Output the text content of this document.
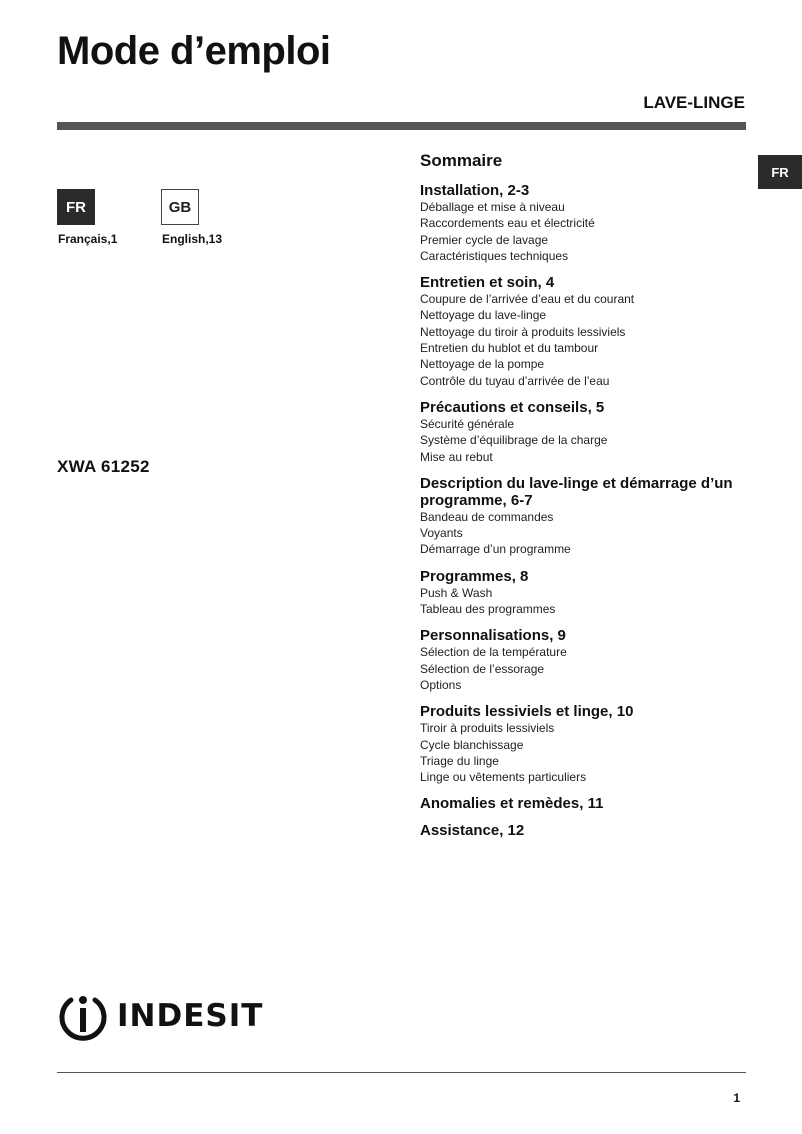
Mode d’emploi
LAVE-LINGE
FR
FR
Français,1
GB
English,13
XWA 61252
Sommaire
Installation, 2-3
Déballage et mise à niveau
Raccordements eau et électricité
Premier cycle de lavage
Caractéristiques techniques
Entretien et soin, 4
Coupure de l’arrivée d’eau et du courant
Nettoyage du lave-linge
Nettoyage du tiroir à produits lessiviels
Entretien du hublot et du tambour
Nettoyage de la pompe
Contrôle du tuyau d’arrivée de l’eau
Précautions et conseils, 5
Sécurité générale
Système d’équilibrage de la charge
Mise au rebut
Description du lave-linge et démarrage d’un programme, 6-7
Bandeau de commandes
Voyants
Démarrage d’un programme
Programmes, 8
Push & Wash
Tableau des programmes
Personnalisations, 9
Sélection de la température
Sélection de l’essorage
Options
Produits lessiviels et linge, 10
Tiroir à produits lessiviels
Cycle blanchissage
Triage du linge
Linge ou vêtements particuliers
Anomalies et remèdes, 11
Assistance, 12
INDESIT
1
